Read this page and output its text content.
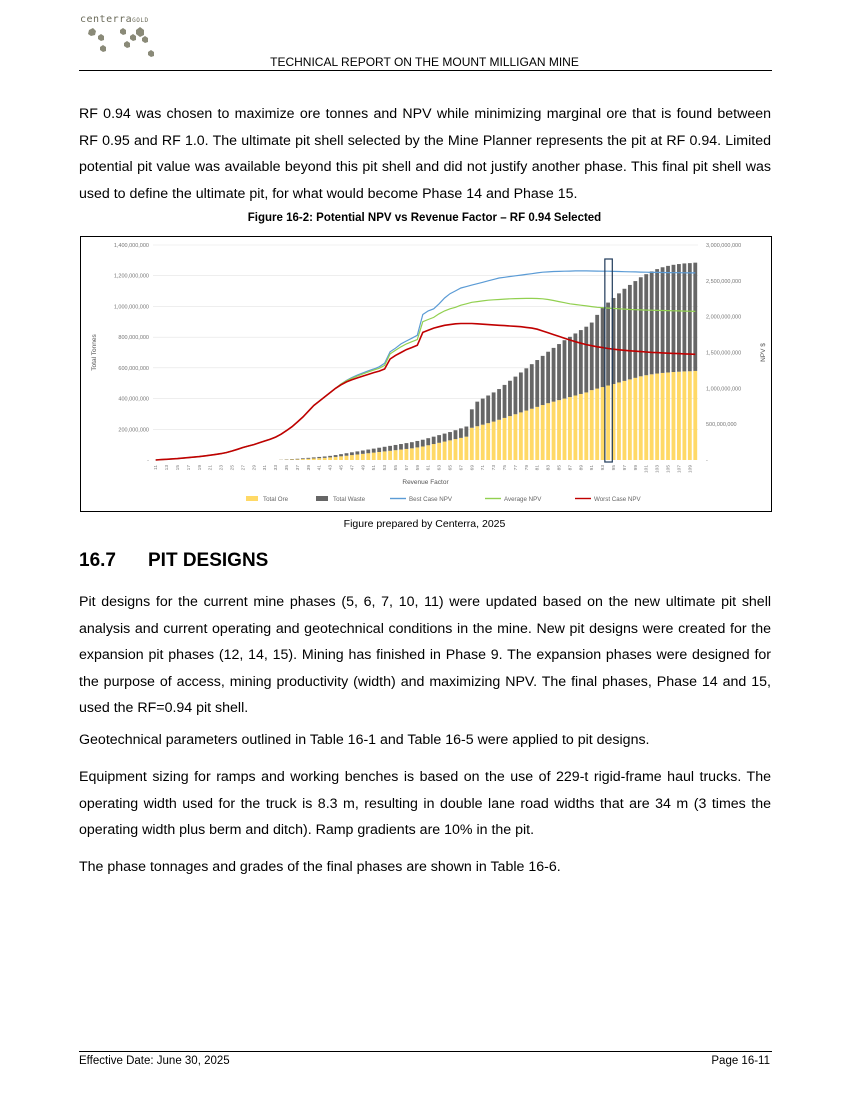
centerraGOLD
TECHNICAL REPORT ON THE MOUNT MILLIGAN MINE

RF 0.94 was chosen to maximize ore tonnes and NPV while minimizing marginal ore that is found between RF 0.95 and RF 1.0. The ultimate pit shell selected by the Mine Planner represents the pit at RF 0.94. Limited potential pit value was available beyond this pit shell and did not justify another phase. This final pit shell was used to define the ultimate pit, for what would become Phase 14 and Phase 15.

Figure 16-2: Potential NPV vs Revenue Factor – RF 0.94 Selected
1,400,000,000
1,200,000,000
1,000,000,000
800,000,000
600,000,000
400,000,000
200,000,000
-
3,000,000,000
2,500,000,000
2,000,000,000
1,500,000,000
1,000,000,000
500,000,000
-
Total Tonnes	NPV $
Revenue Factor
11 13 15 17 19 21 23 25 27 29 31 33 35 37 39 41 43 45 47 49 51 53 55 57 59 61 63 65 67 69 71 73 75 77 79 81 83 85 87 89 91 93 95 97 99 101 103 105 107 109
Total Ore	Total Waste	Best Case NPV	Average NPV	Worst Case NPV
Figure prepared by Centerra, 2025
16.7 PIT DESIGNS

Pit designs for the current mine phases (5, 6, 7, 10, 11) were updated based on the new ultimate pit shell analysis and current operating and geotechnical conditions in the mine. New pit designs were created for the expansion pit phases (12, 14, 15). Mining has finished in Phase 9. The expansion phases were designed for the purpose of access, mining productivity (width) and maximizing NPV. The final phases, Phase 14 and 15, used the RF=0.94 pit shell.

Geotechnical parameters outlined in Table 16-1 and Table 16-5 were applied to pit designs.

Equipment sizing for ramps and working benches is based on the use of 229-t rigid-frame haul trucks. The operating width used for the truck is 8.3 m, resulting in double lane road widths that are 34 m (3 times the operating width plus berm and ditch). Ramp gradients are 10% in the pit.

The phase tonnages and grades of the final phases are shown in Table 16-6.

Effective Date: June 30, 2025	Page 16-11
